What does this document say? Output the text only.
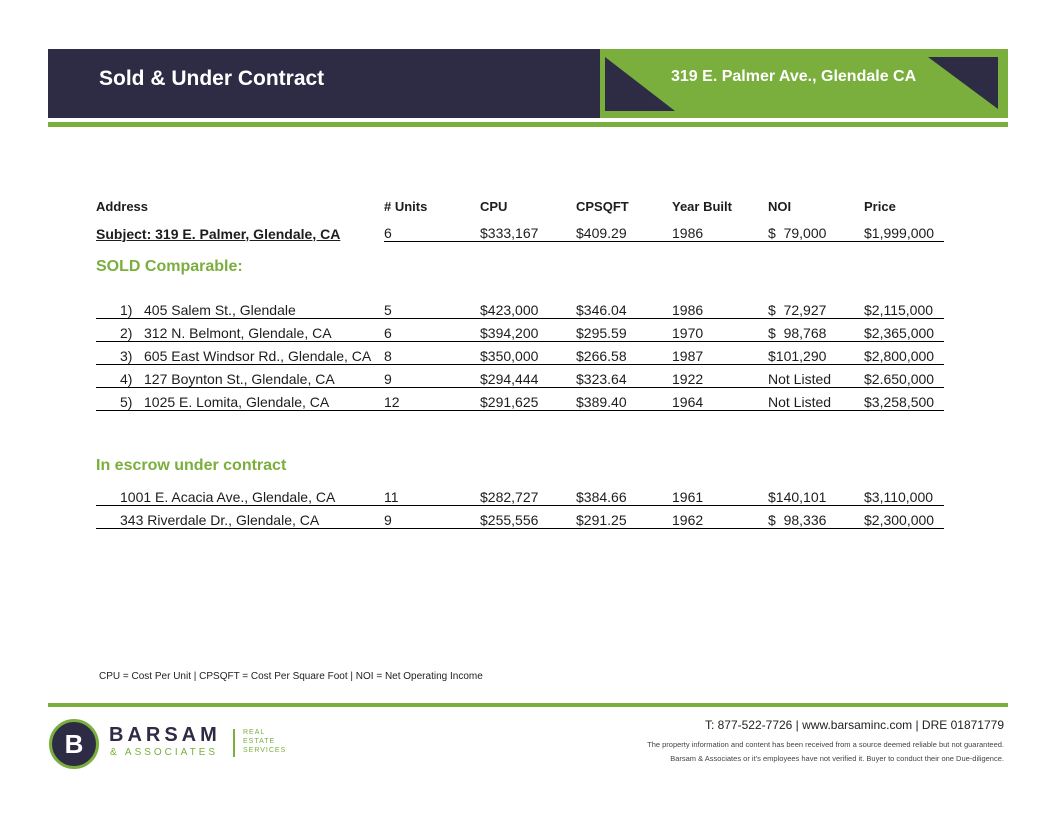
Sold & Under Contract	319 E. Palmer Ave., Glendale CA
Address	# Units	CPU	CPSQFT	Year Built	NOI	Price
Subject: 319 E. Palmer, Glendale, CA	6	$333,167	$409.29	1986	$  79,000	$1,999,000
SOLD Comparable:						

1) 405 Salem St., Glendale	5	$423,000	$346.04	1986	$  72,927	$2,115,000
2) 312 N. Belmont, Glendale, CA	6	$394,200	$295.59	1970	$  98,768	$2,365,000
3) 605 East Windsor Rd., Glendale, CA	8	$350,000	$266.58	1987	$101,290	$2,800,000
4) 127 Boynton St., Glendale, CA	9	$294,444	$323.64	1922	Not Listed	$2.650,000
5) 1025 E. Lomita, Glendale, CA	12	$291,625	$389.40	1964	Not Listed	$3,258,500

In escrow under contract						
1001 E. Acacia Ave., Glendale, CA	11	$282,727	$384.66	1961	$140,101	$3,110,000
343 Riverdale Dr., Glendale, CA	9	$255,556	$291.25	1962	$  98,336	$2,300,000
CPU = Cost Per Unit | CPSQFT = Cost Per Square Foot | NOI = Net Operating Income
B	BARSAM
& ASSOCIATES
REAL
ESTATE
SERVICES
T: 877-522-7726 | www.barsaminc.com | DRE 01871779
The property information and content has been received from a source deemed reliable but not guaranteed.
Barsam & Associates or it’s employees have not verified it. Buyer to conduct their one Due-diligence.
